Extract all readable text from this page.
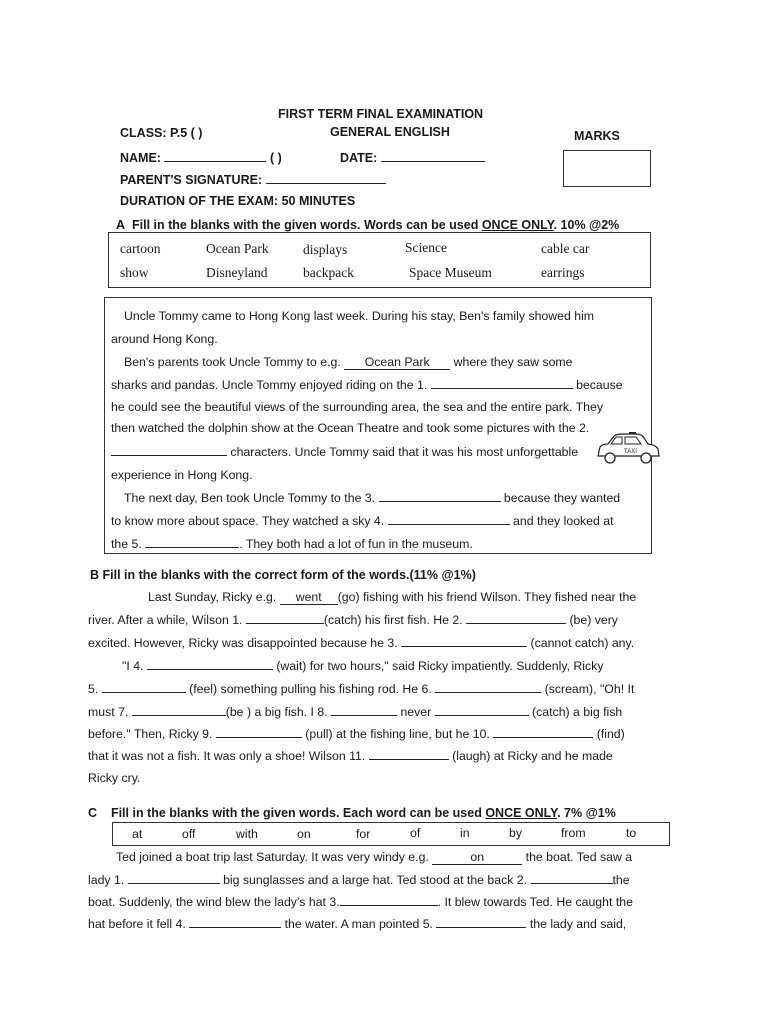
FIRST TERM FINAL EXAMINATION
CLASS: P.5 ( )	GENERAL ENGLISH	MARKS
NAME:	( )	DATE:
PARENT'S SIGNATURE:
DURATION OF THE EXAM: 50 MINUTES
A Fill in the blanks with the given words. Words can be used ONCE ONLY. 10% @2%
cartoon	Ocean Park	displays	Science	cable car
show	Disneyland	backpack	Space Museum	earrings
Uncle Tommy came to Hong Kong last week. During his stay, Ben's family showed him
around Hong Kong.
Ben's parents took Uncle Tommy to e.g. Ocean Park where they saw some
sharks and pandas. Uncle Tommy enjoyed riding on the 1.	because
he could see the beautiful views of the surrounding area, the sea and the entire park. They
then watched the dolphin show at the Ocean Theatre and took some pictures with the 2.
characters. Uncle Tommy said that it was his most unforgettable
experience in Hong Kong.
The next day, Ben took Uncle Tommy to the 3.	because they wanted
to know more about space. They watched a sky 4.	and they looked at
the 5.	. They both had a lot of fun in the museum.
TAXI
B Fill in the blanks with the correct form of the words.(11% @1%)
Last Sunday, Ricky e.g. went (go) fishing with his friend Wilson. They fished near the
river. After a while, Wilson 1.	(catch) his first fish. He 2.	(be) very
excited. However, Ricky was disappointed because he 3.	(cannot catch) any.
"I 4.	(wait) for two hours," said Ricky impatiently. Suddenly, Ricky
5.	(feel) something pulling his fishing rod. He 6.	(scream), "Oh! It
must 7.	(be ) a big fish. I 8.	never	(catch) a big fish
before." Then, Ricky 9.	(pull) at the fishing line, but he 10.	(find)
that it was not a fish. It was only a shoe! Wilson 11.	(laugh) at Ricky and he made
Ricky cry.
C Fill in the blanks with the given words. Each word can be used ONCE ONLY. 7% @1%
at	off	with	on	for	of	in	by	from	to
Ted joined a boat trip last Saturday. It was very windy e.g.	on	the boat. Ted saw a
lady 1.	big sunglasses and a large hat. Ted stood at the back 2.	the
boat. Suddenly, the wind blew the lady's hat 3.	. It blew towards Ted. He caught the
hat before it fell 4.	the water. A man pointed 5.	the lady and said,
